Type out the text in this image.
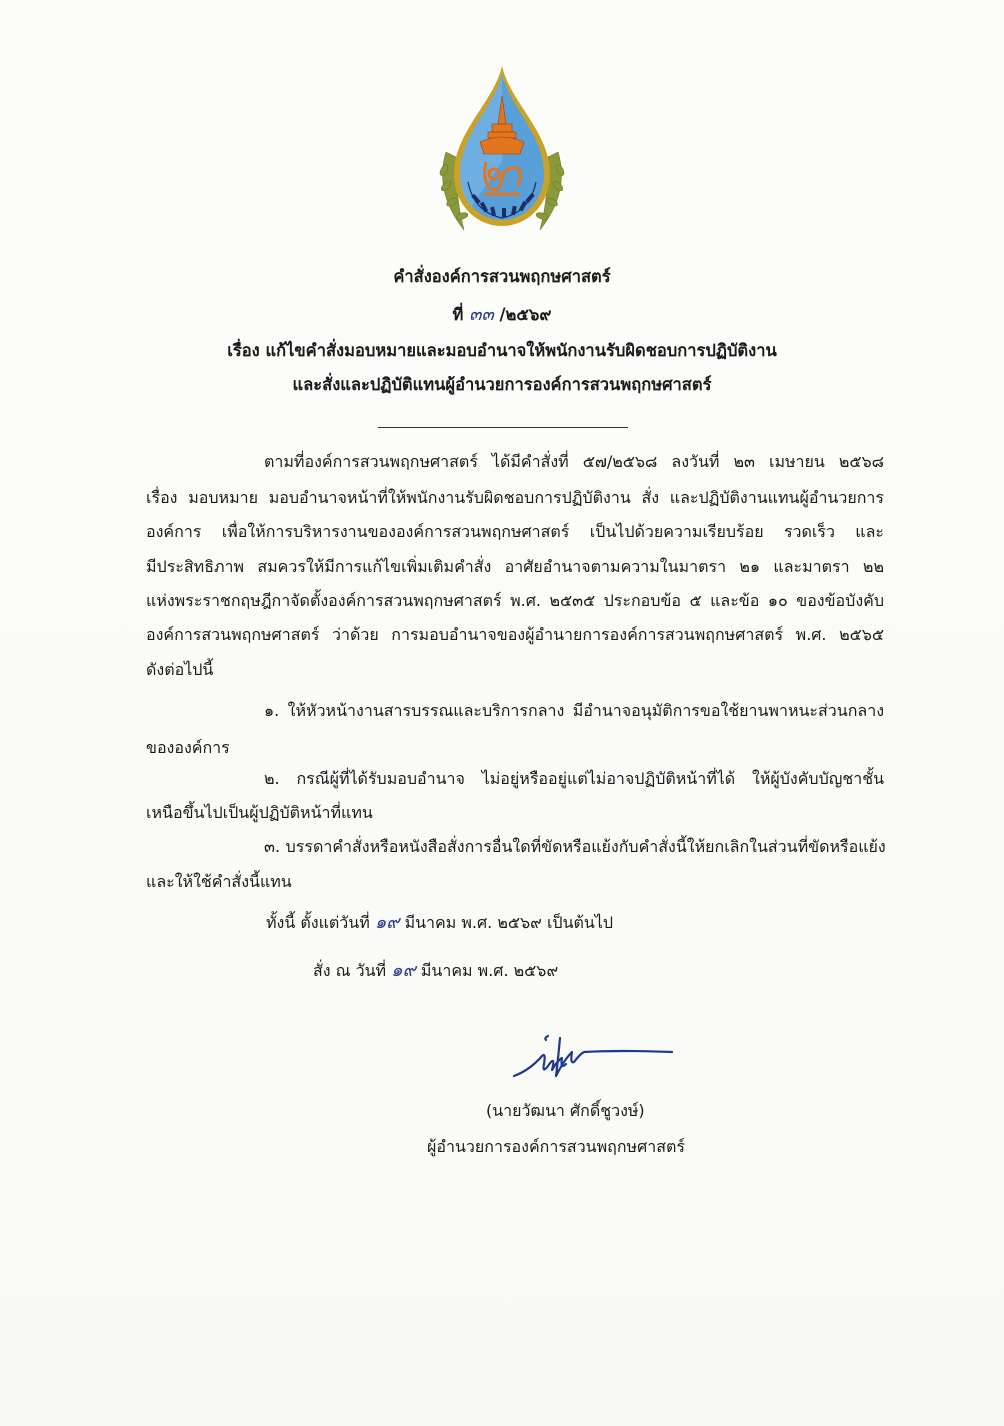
คำสั่งองค์การสวนพฤกษศาสตร์
ที่ ๓๓ /๒๕๖๙
เรื่อง แก้ไขคำสั่งมอบหมายและมอบอำนาจให้พนักงานรับผิดชอบการปฏิบัติงาน
และสั่งและปฏิบัติแทนผู้อำนวยการองค์การสวนพฤกษศาสตร์
ตามที่องค์การสวนพฤกษศาสตร์ ได้มีคำสั่งที่ ๕๗/๒๕๖๘ ลงวันที่ ๒๓ เมษายน ๒๕๖๘
เรื่อง มอบหมาย มอบอำนาจหน้าที่ให้พนักงานรับผิดชอบการปฏิบัติงาน สั่ง และปฏิบัติงานแทนผู้อำนวยการ
องค์การ เพื่อให้การบริหารงานขององค์การสวนพฤกษศาสตร์ เป็นไปด้วยความเรียบร้อย รวดเร็ว และ
มีประสิทธิภาพ สมควรให้มีการแก้ไขเพิ่มเติมคำสั่ง อาศัยอำนาจตามความในมาตรา ๒๑ และมาตรา ๒๒
แห่งพระราชกฤษฎีกาจัดตั้งองค์การสวนพฤกษศาสตร์ พ.ศ. ๒๕๓๕ ประกอบข้อ ๕ และข้อ ๑๐ ของข้อบังคับ
องค์การสวนพฤกษศาสตร์ ว่าด้วย การมอบอำนาจของผู้อำนายการองค์การสวนพฤกษศาสตร์ พ.ศ. ๒๕๖๕
ดังต่อไปนี้
๑. ให้หัวหน้างานสารบรรณและบริการกลาง มีอำนาจอนุมัติการขอใช้ยานพาหนะส่วนกลาง
ขององค์การ
๒. กรณีผู้ที่ได้รับมอบอำนาจ ไม่อยู่หรืออยู่แต่ไม่อาจปฏิบัติหน้าที่ได้ ให้ผู้บังคับบัญชาชั้น
เหนือขึ้นไปเป็นผู้ปฏิบัติหน้าที่แทน
๓. บรรดาคำสั่งหรือหนังสือสั่งการอื่นใดที่ขัดหรือแย้งกับคำสั่งนี้ให้ยกเลิกในส่วนที่ขัดหรือแย้ง
และให้ใช้คำสั่งนี้แทน
ทั้งนี้ ตั้งแต่วันที่ ๑๙ มีนาคม พ.ศ. ๒๕๖๙ เป็นต้นไป
สั่ง ณ วันที่ ๑๙ มีนาคม พ.ศ. ๒๕๖๙
(นายวัฒนา ศักดิ์ชูวงษ์)
ผู้อำนวยการองค์การสวนพฤกษศาสตร์
